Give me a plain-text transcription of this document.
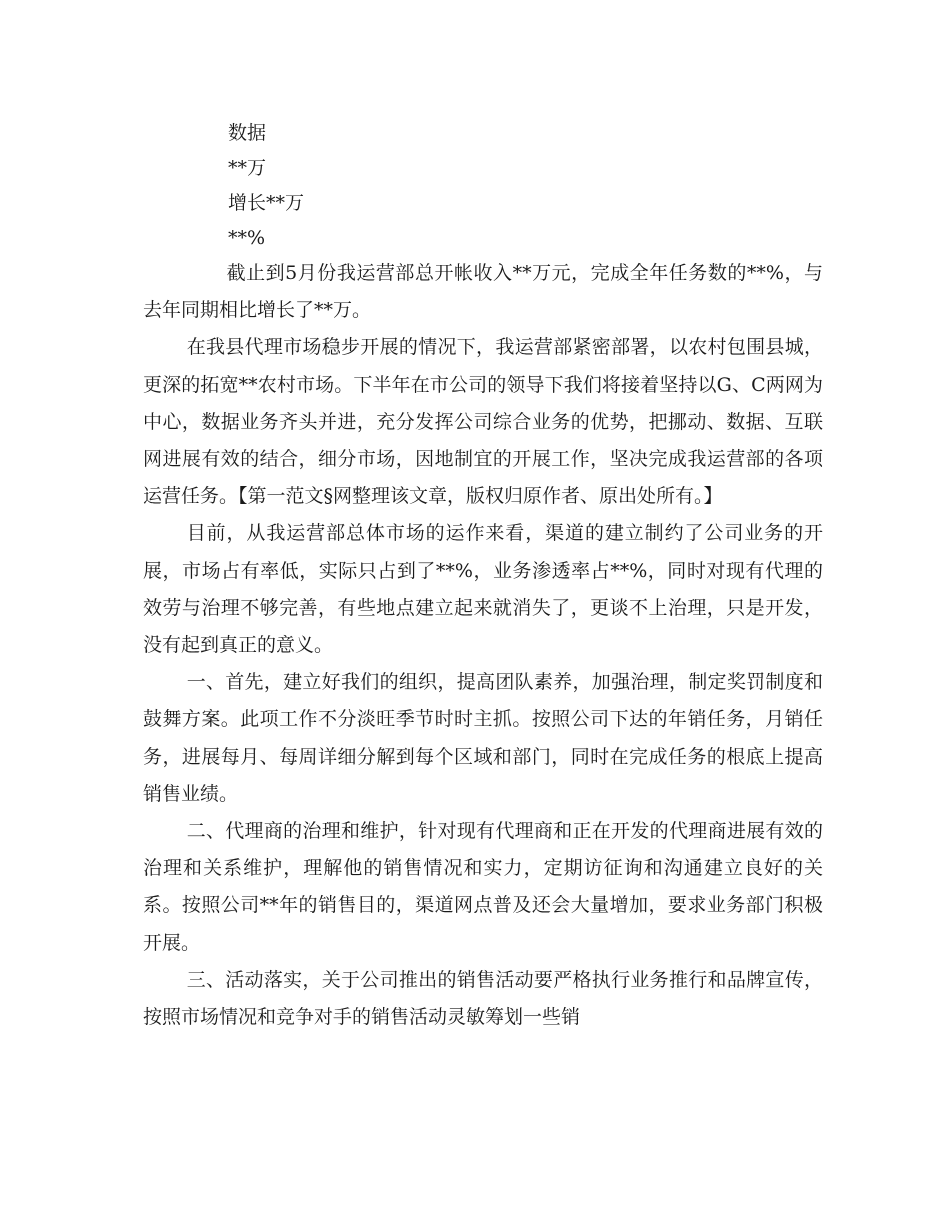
数据
**万
增长**万
**%

截止到5月份我运营部总开帐收入**万元，完成全年任务数的**%，与去年同期相比增长了**万。

在我县代理市场稳步开展的情况下，我运营部紧密部署，以农村包围县城，更深的拓宽**农村市场。下半年在市公司的领导下我们将接着坚持以G、C两网为中心，数据业务齐头并进，充分发挥公司综合业务的优势，把挪动、数据、互联网进展有效的结合，细分市场，因地制宜的开展工作，坚决完成我运营部的各项运营任务。【第一范文§网整理该文章，版权归原作者、原出处所有。】

目前，从我运营部总体市场的运作来看，渠道的建立制约了公司业务的开展，市场占有率低，实际只占到了**%，业务渗透率占**%，同时对现有代理的效劳与治理不够完善，有些地点建立起来就消失了，更谈不上治理，只是开发，没有起到真正的意义。

一、首先，建立好我们的组织，提高团队素养，加强治理，制定奖罚制度和鼓舞方案。此项工作不分淡旺季节时时主抓。按照公司下达的年销任务，月销任务，进展每月、每周详细分解到每个区域和部门，同时在完成任务的根底上提高销售业绩。

二、代理商的治理和维护，针对现有代理商和正在开发的代理商进展有效的治理和关系维护，理解他的销售情况和实力，定期访征询和沟通建立良好的关系。按照公司**年的销售目的，渠道网点普及还会大量增加，要求业务部门积极开展。

三、活动落实，关于公司推出的销售活动要严格执行业务推行和品牌宣传，按照市场情况和竞争对手的销售活动灵敏筹划一些销
